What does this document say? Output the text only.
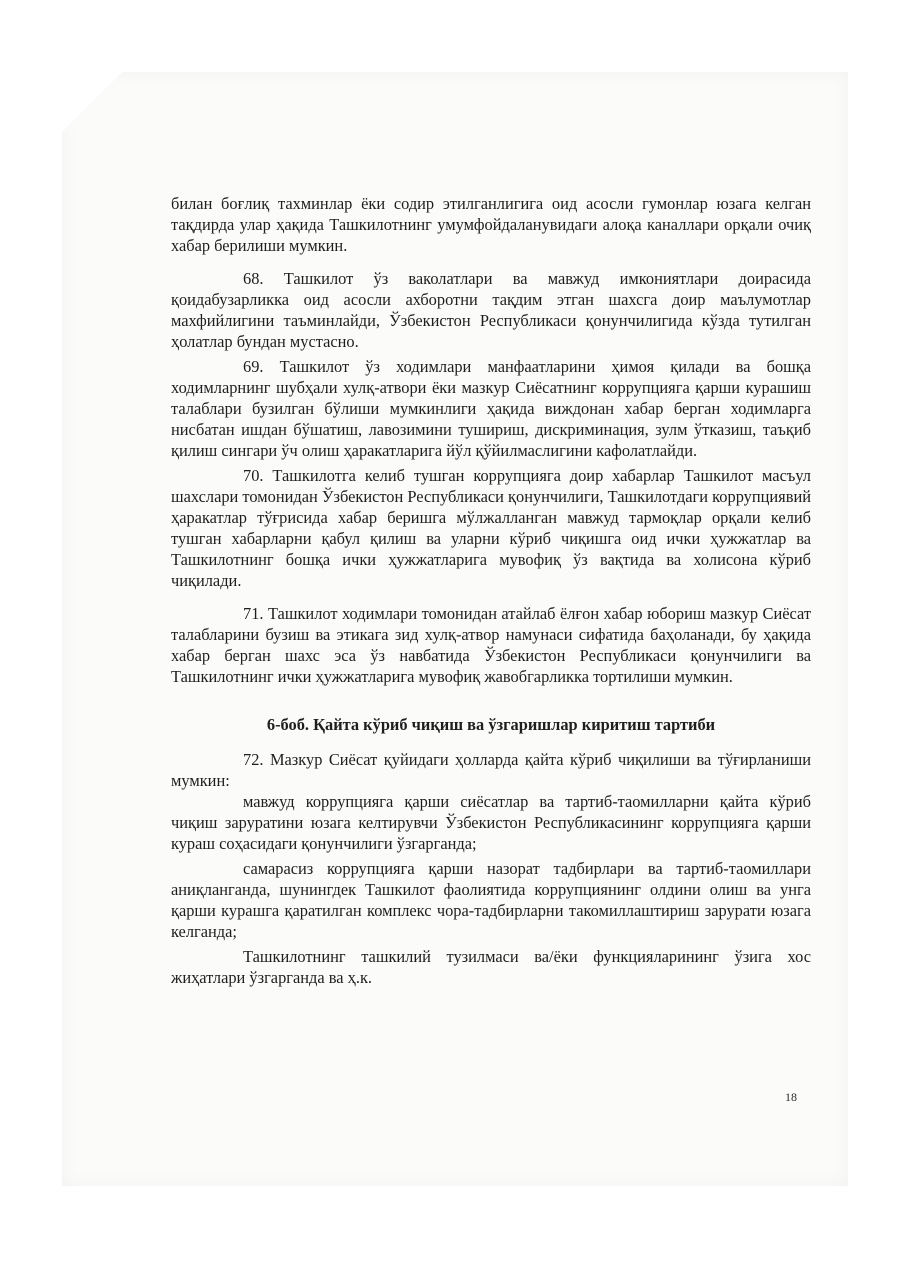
билан боғлиқ тахминлар ёки содир этилганлигига оид асосли гумонлар юзага келган тақдирда улар ҳақида Ташкилотнинг умумфойдаланувидаги алоқа каналлари орқали очиқ хабар берилиши мумкин.

68. Ташкилот ўз ваколатлари ва мавжуд имкониятлари доирасида қоидабузарликка оид асосли ахборотни тақдим этган шахсга доир маълумотлар махфийлигини таъминлайди, Ўзбекистон Республикаси қонунчилигида кўзда тутилган ҳолатлар бундан мустасно.

69. Ташкилот ўз ходимлари манфаатларини ҳимоя қилади ва бошқа ходимларнинг шубҳали хулқ-атвори ёки мазкур Сиёсатнинг коррупцияга қарши курашиш талаблари бузилган бўлиши мумкинлиги ҳақида виждонан хабар берган ходимларга нисбатан ишдан бўшатиш, лавозимини тушириш, дискриминация, зулм ўтказиш, таъқиб қилиш сингари ўч олиш ҳаракатларига йўл қўйилмаслигини кафолатлайди.

70. Ташкилотга келиб тушган коррупцияга доир хабарлар Ташкилот масъул шахслари томонидан Ўзбекистон Республикаси қонунчилиги, Ташкилотдаги коррупциявий ҳаракатлар тўғрисида хабар беришга мўлжалланган мавжуд тармоқлар орқали келиб тушган хабарларни қабул қилиш ва уларни кўриб чиқишга оид ички ҳужжатлар ва Ташкилотнинг бошқа ички ҳужжатларига мувофиқ ўз вақтида ва холисона кўриб чиқилади.

71. Ташкилот ходимлари томонидан атайлаб ёлғон хабар юбориш мазкур Сиёсат талабларини бузиш ва этикага зид хулқ-атвор намунаси сифатида баҳоланади, бу ҳақида хабар берган шахс эса ўз навбатида Ўзбекистон Республикаси қонунчилиги ва Ташкилотнинг ички ҳужжатларига мувофиқ жавобгарликка тортилиши мумкин.

6-боб. Қайта кўриб чиқиш ва ўзгаришлар киритиш тартиби

72. Мазкур Сиёсат қуйидаги ҳолларда қайта кўриб чиқилиши ва тўғирланиши мумкин:

мавжуд коррупцияга қарши сиёсатлар ва тартиб-таомилларни қайта кўриб чиқиш заруратини юзага келтирувчи Ўзбекистон Республикасининг коррупцияга қарши кураш соҳасидаги қонунчилиги ўзгарганда;

самарасиз коррупцияга қарши назорат тадбирлари ва тартиб-таомиллари аниқланганда, шунингдек Ташкилот фаолиятида коррупциянинг олдини олиш ва унга қарши курашга қаратилган комплекс чора-тадбирларни такомиллаштириш зарурати юзага келганда;

Ташкилотнинг ташкилий тузилмаси ва/ёки функцияларининг ўзига хос жиҳатлари ўзгарганда ва ҳ.к.

18
